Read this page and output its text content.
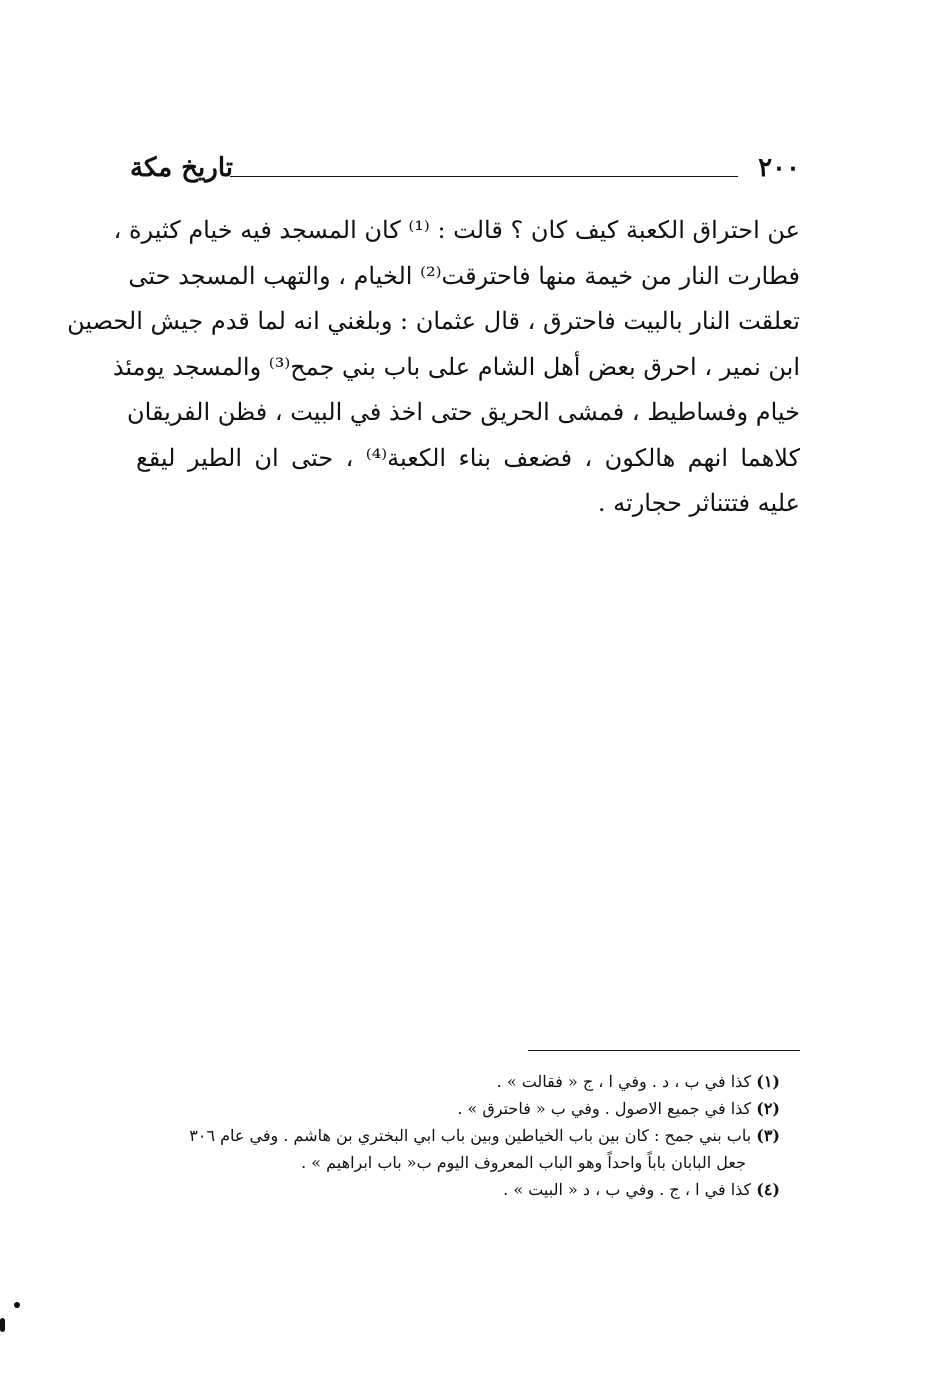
٢٠٠
تاريخ مكة
عن احتراق الكعبة كيف كان ؟ قالت : ⁽¹⁾ كان المسجد فيه خيام كثيرة ،
فطارت النار من خيمة منها فاحترقت⁽²⁾ الخيام ، والتهب المسجد حتى
تعلقت النار بالبيت فاحترق ، قال عثمان : وبلغني انه لما قدم جيش الحصين
ابن نمير ، احرق بعض أهل الشام على باب بني جمح⁽³⁾ والمسجد يومئذ
خيام وفساطيط ، فمشى الحريق حتى اخذ في البيت ، فظن الفريقان
كلاهما انهم هالكون ، فضعف بناء الكعبة⁽⁴⁾ ، حتى ان الطير ليقع
عليه فتتناثر حجارته .
(١) كذا في ب ، د . وفي ا ، ج « فقالت » .
(٢) كذا في جميع الاصول . وفي ب « فاحترق » .
(٣) باب بني جمح : كان بين باب الخياطين وبين باب ابي البختري بن هاشم . وفي عام ٣٠٦
جعل البابان باباً واحداً وهو الباب المعروف اليوم ب« باب ابراهيم » .
(٤) كذا في ا ، ج . وفي ب ، د « البيت » .
